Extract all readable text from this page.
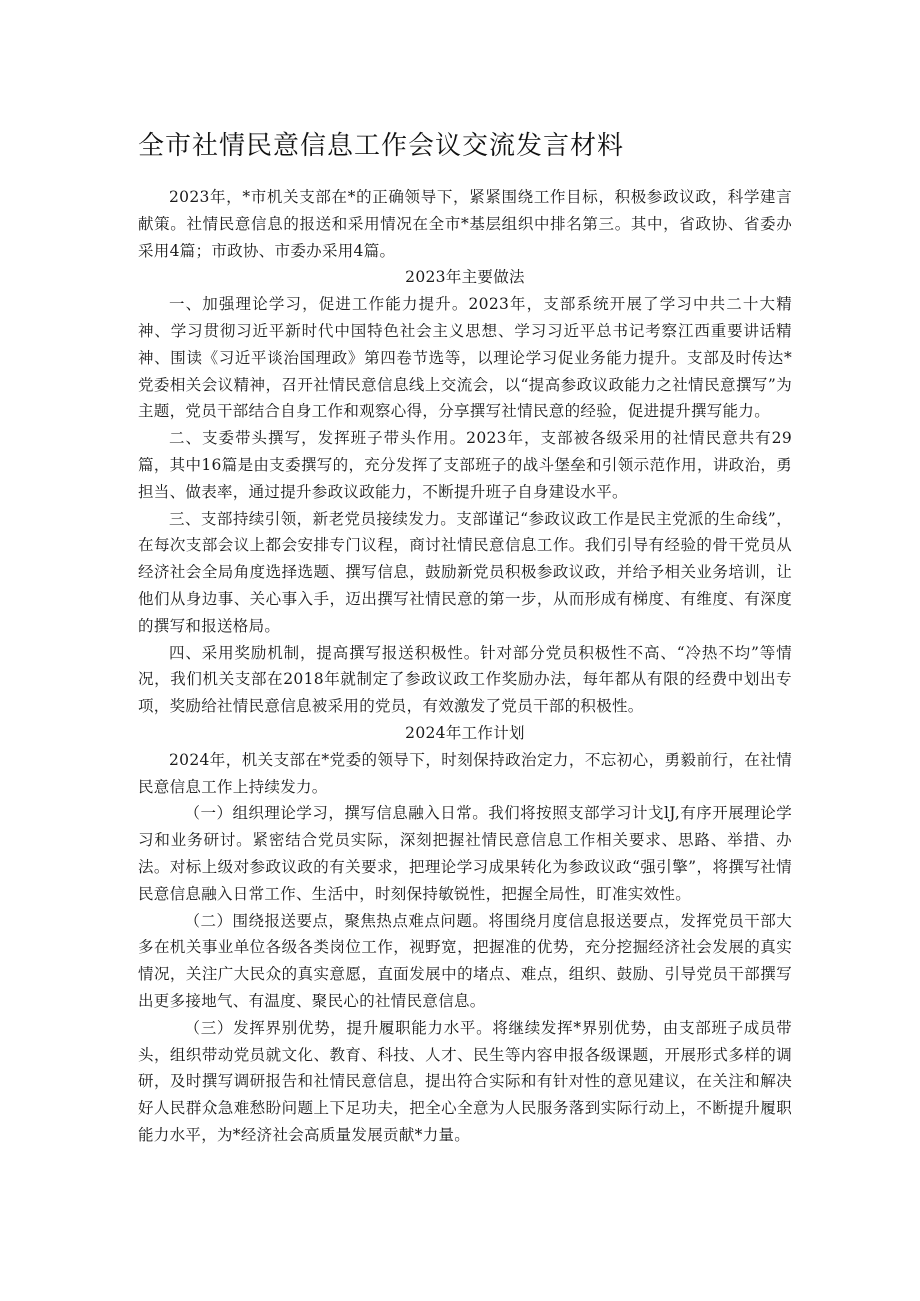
全市社情民意信息工作会议交流发言材料

2023年，*市机关支部在*的正确领导下，紧紧围绕工作目标，积极参政议政，科学建言献策。社情民意信息的报送和采用情况在全市*基层组织中排名第三。其中，省政协、省委办采用4篇；市政协、市委办采用4篇。

2023年主要做法

一、加强理论学习，促进工作能力提升。2023年，支部系统开展了学习中共二十大精神、学习贯彻习近平新时代中国特色社会主义思想、学习习近平总书记考察江西重要讲话精神、围读《习近平谈治国理政》第四卷节选等，以理论学习促业务能力提升。支部及时传达*党委相关会议精神，召开社情民意信息线上交流会，以“提高参政议政能力之社情民意撰写”为主题，党员干部结合自身工作和观察心得，分享撰写社情民意的经验，促进提升撰写能力。

二、支委带头撰写，发挥班子带头作用。2023年，支部被各级采用的社情民意共有29篇，其中16篇是由支委撰写的，充分发挥了支部班子的战斗堡垒和引领示范作用，讲政治，勇担当、做表率，通过提升参政议政能力，不断提升班子自身建设水平。

三、支部持续引领，新老党员接续发力。支部谨记“参政议政工作是民主党派的生命线”，在每次支部会议上都会安排专门议程，商讨社情民意信息工作。我们引导有经验的骨干党员从经济社会全局角度选择选题、撰写信息，鼓励新党员积极参政议政，并给予相关业务培训，让他们从身边事、关心事入手，迈出撰写社情民意的第一步，从而形成有梯度、有维度、有深度的撰写和报送格局。

四、采用奖励机制，提高撰写报送积极性。针对部分党员积极性不高、“冷热不均”等情况，我们机关支部在2018年就制定了参政议政工作奖励办法，每年都从有限的经费中划出专项，奖励给社情民意信息被采用的党员，有效激发了党员干部的积极性。

2024年工作计划

2024年，机关支部在*党委的领导下，时刻保持政治定力，不忘初心，勇毅前行，在社情民意信息工作上持续发力。

（一）组织理论学习，撰写信息融入日常。我们将按照支部学习计戈lJ,有序开展理论学习和业务研讨。紧密结合党员实际，深刻把握社情民意信息工作相关要求、思路、举措、办法。对标上级对参政议政的有关要求，把理论学习成果转化为参政议政“强引擎”，将撰写社情民意信息融入日常工作、生活中，时刻保持敏锐性，把握全局性，盯准实效性。

（二）围绕报送要点，聚焦热点难点问题。将围绕月度信息报送要点，发挥党员干部大多在机关事业单位各级各类岗位工作，视野宽，把握准的优势，充分挖掘经济社会发展的真实情况，关注广大民众的真实意愿，直面发展中的堵点、难点，组织、鼓励、引导党员干部撰写出更多接地气、有温度、聚民心的社情民意信息。

（三）发挥界别优势，提升履职能力水平。将继续发挥*界别优势，由支部班子成员带头，组织带动党员就文化、教育、科技、人才、民生等内容申报各级课题，开展形式多样的调研，及时撰写调研报告和社情民意信息，提出符合实际和有针对性的意见建议，在关注和解决好人民群众急难愁盼问题上下足功夫，把全心全意为人民服务落到实际行动上，不断提升履职能力水平，为*经济社会高质量发展贡献*力量。
